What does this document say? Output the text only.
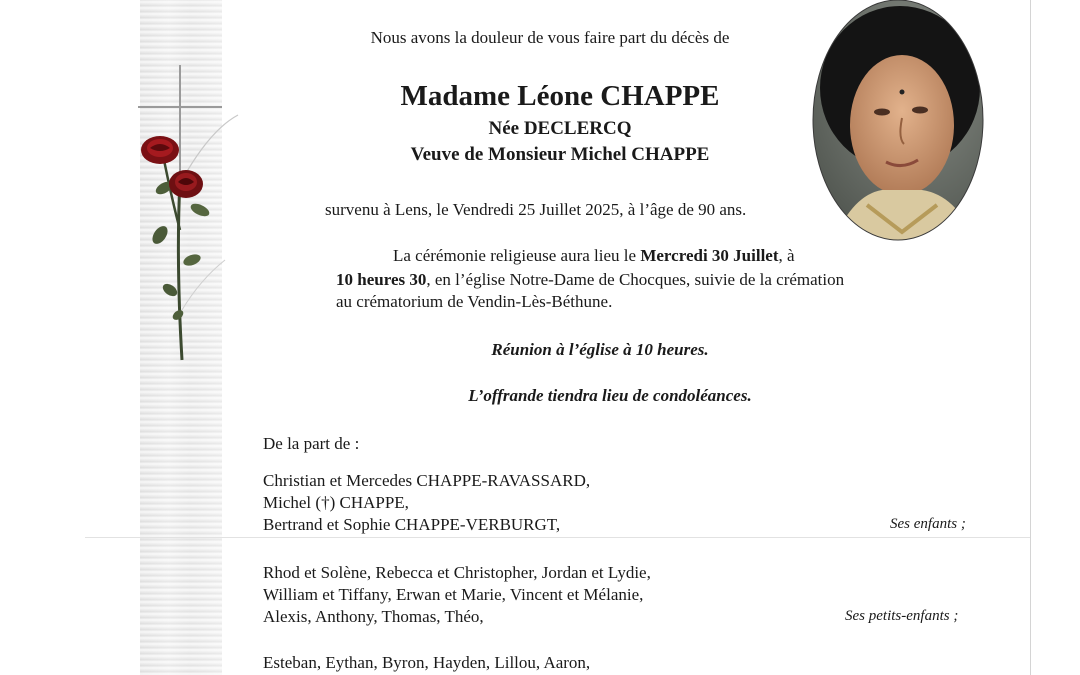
Nous avons la douleur de vous faire part du décès de
Madame Léone CHAPPE
Née DECLERCQ
Veuve de Monsieur Michel CHAPPE
survenu à Lens, le Vendredi 25 Juillet 2025, à l’âge de 90 ans.
La cérémonie religieuse aura lieu le Mercredi 30 Juillet, à
10 heures 30, en l’église Notre-Dame de Chocques, suivie de la crémation
au crématorium de Vendin-Lès-Béthune.
Réunion à l’église à 10 heures.
L’offrande tiendra lieu de condoléances.
De la part de :
Christian et Mercedes CHAPPE-RAVASSARD,
Michel (†) CHAPPE,
Bertrand et Sophie CHAPPE-VERBURGT,	Ses enfants ;
Rhod et Solène, Rebecca et Christopher, Jordan et Lydie,
William et Tiffany, Erwan et Marie, Vincent et Mélanie,
Alexis, Anthony, Thomas, Théo,	Ses petits-enfants ;
Esteban, Eythan, Byron, Hayden, Lillou, Aaron,
